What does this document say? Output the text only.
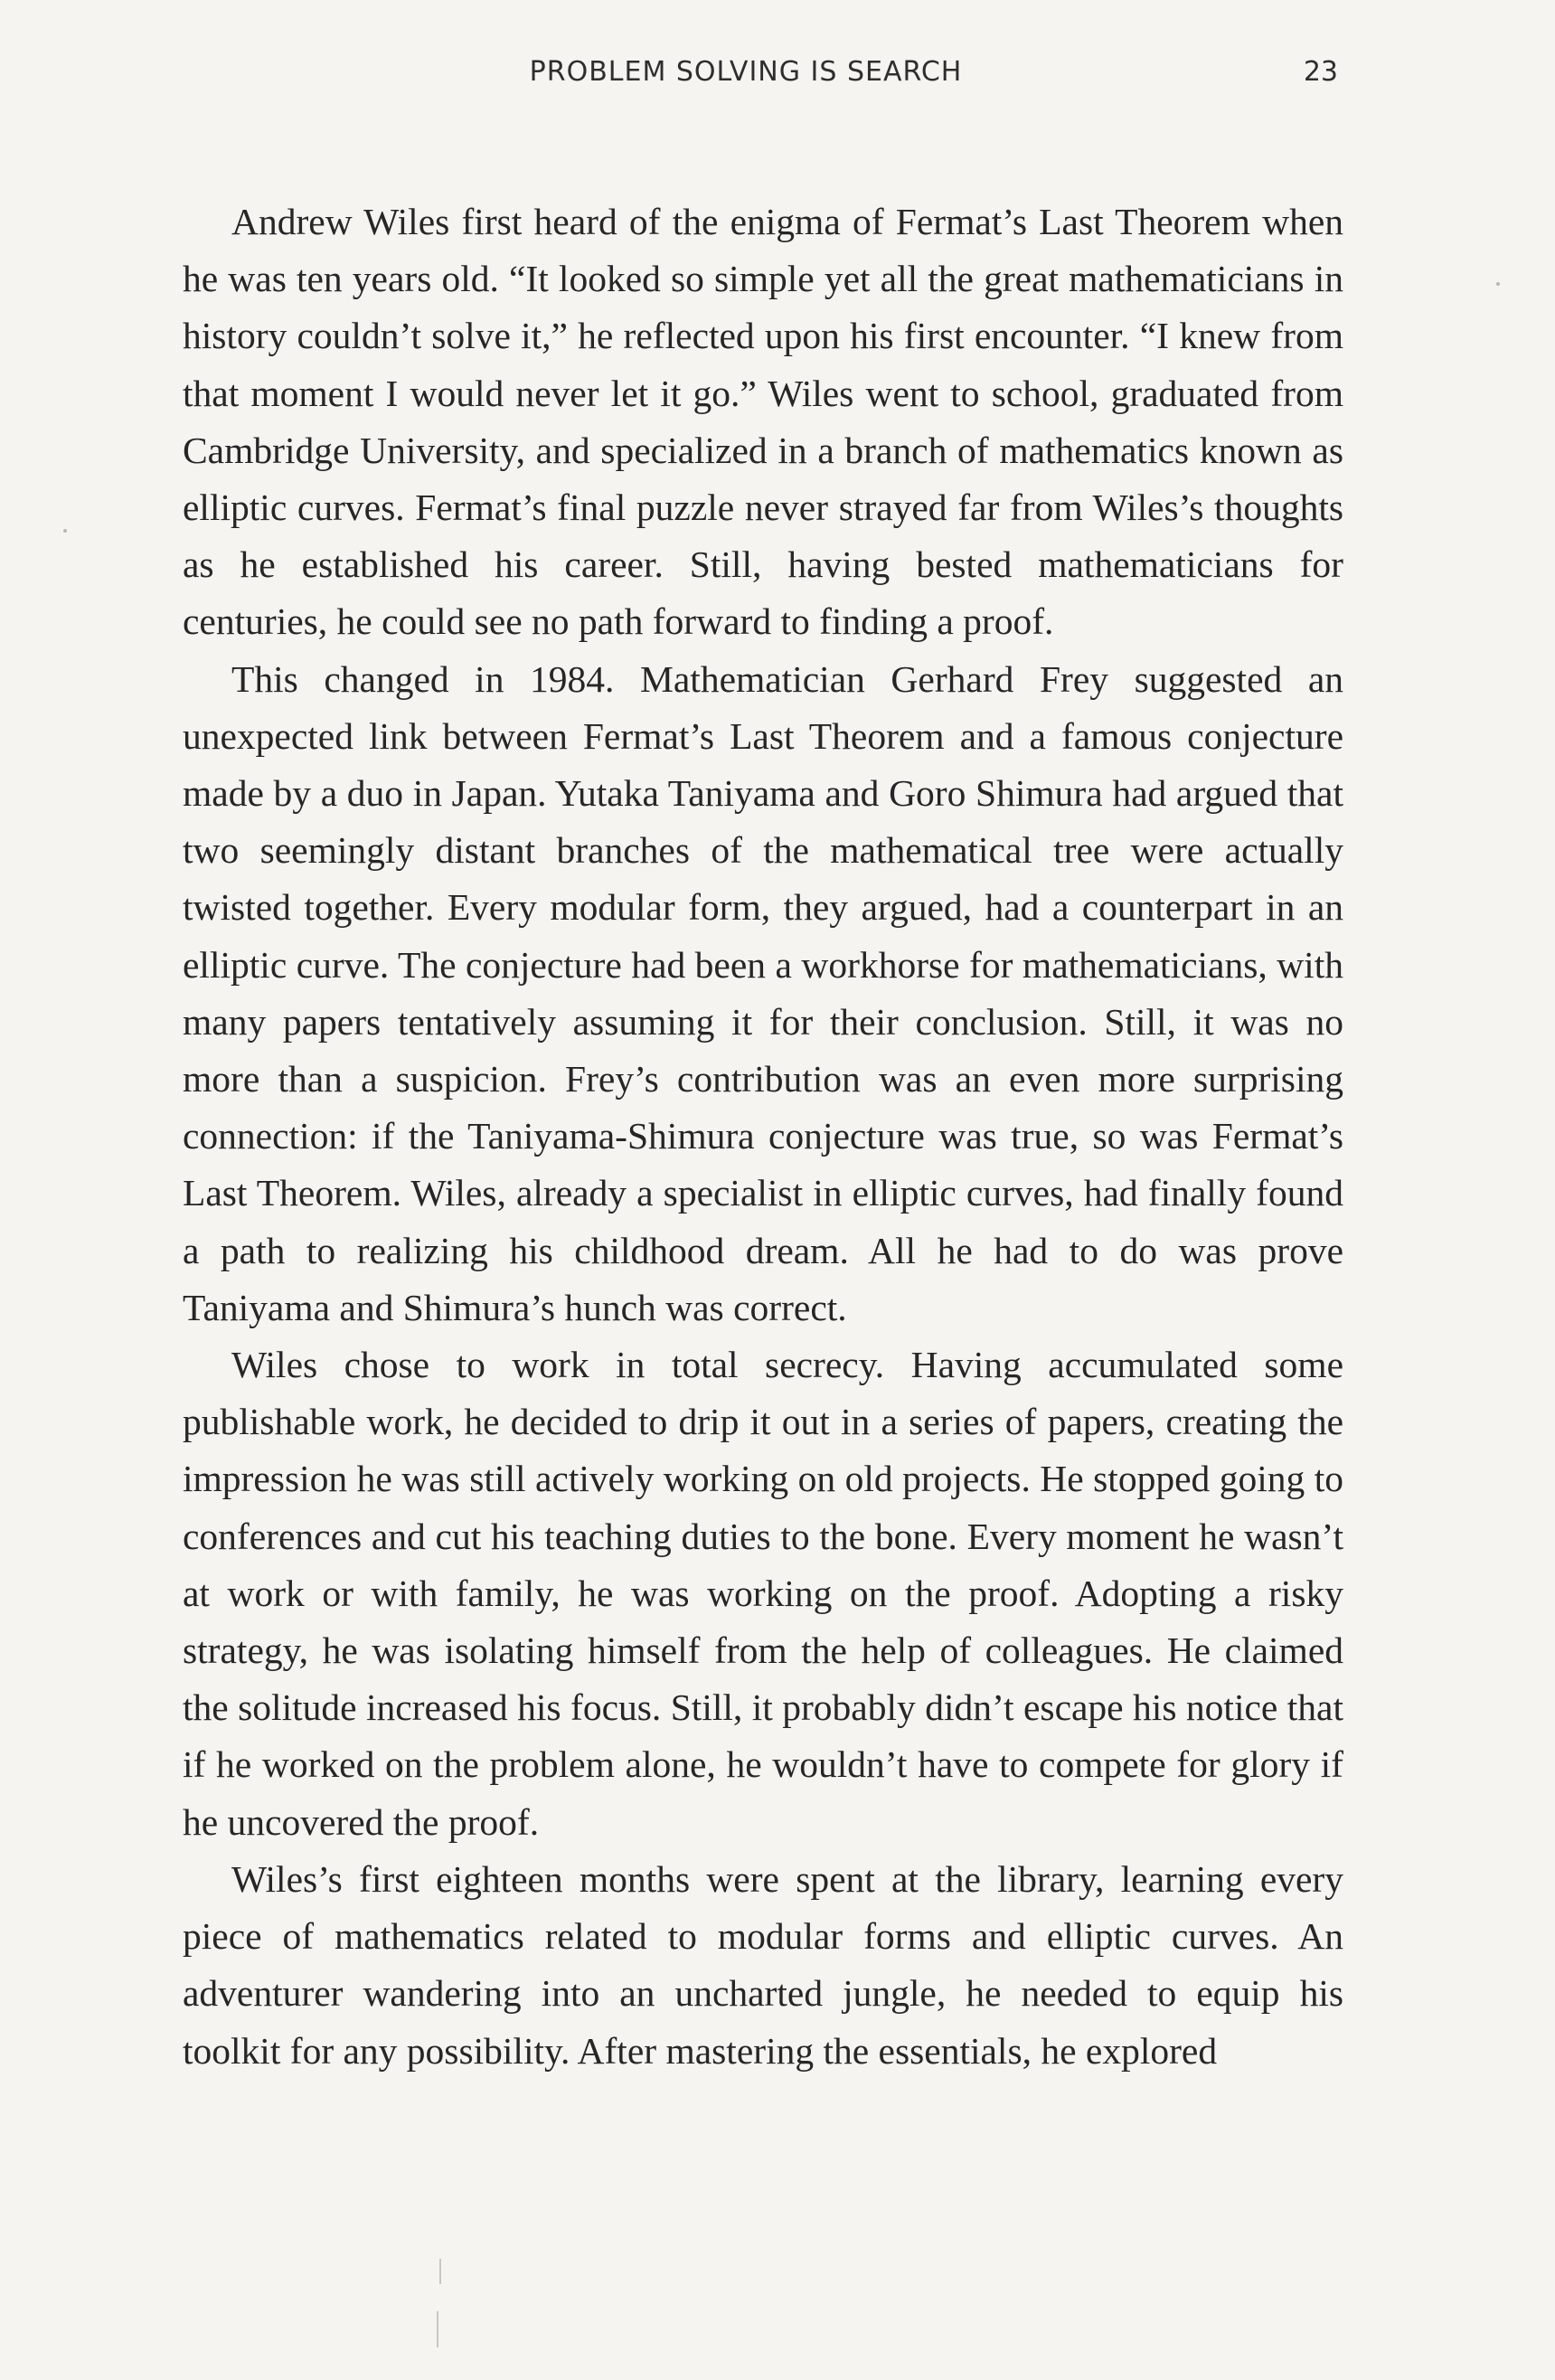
PROBLEM SOLVING IS SEARCH	23

Andrew Wiles first heard of the enigma of Fermat’s Last Theorem when he was ten years old. “It looked so simple yet all the great mathematicians in history couldn’t solve it,” he reflected upon his first encounter. “I knew from that moment I would never let it go.” Wiles went to school, graduated from Cambridge University, and specialized in a branch of mathematics known as elliptic curves. Fermat’s final puzzle never strayed far from Wiles’s thoughts as he established his career. Still, having bested mathematicians for centuries, he could see no path forward to finding a proof.

This changed in 1984. Mathematician Gerhard Frey suggested an unexpected link between Fermat’s Last Theorem and a famous conjecture made by a duo in Japan. Yutaka Taniyama and Goro Shimura had argued that two seemingly distant branches of the mathematical tree were actually twisted together. Every modular form, they argued, had a counterpart in an elliptic curve. The conjecture had been a workhorse for mathematicians, with many papers tentatively assuming it for their conclusion. Still, it was no more than a suspicion. Frey’s contribution was an even more surprising connection: if the Taniyama-Shimura conjecture was true, so was Fermat’s Last Theorem. Wiles, already a specialist in elliptic curves, had finally found a path to realizing his childhood dream. All he had to do was prove Taniyama and Shimura’s hunch was correct.

Wiles chose to work in total secrecy. Having accumulated some publishable work, he decided to drip it out in a series of papers, creating the impression he was still actively working on old projects. He stopped going to conferences and cut his teaching duties to the bone. Every moment he wasn’t at work or with family, he was working on the proof. Adopting a risky strategy, he was isolating himself from the help of colleagues. He claimed the solitude increased his focus. Still, it probably didn’t escape his notice that if he worked on the problem alone, he wouldn’t have to compete for glory if he uncovered the proof.

Wiles’s first eighteen months were spent at the library, learning every piece of mathematics related to modular forms and elliptic curves. An adventurer wandering into an uncharted jungle, he needed to equip his toolkit for any possibility. After mastering the essentials, he explored
